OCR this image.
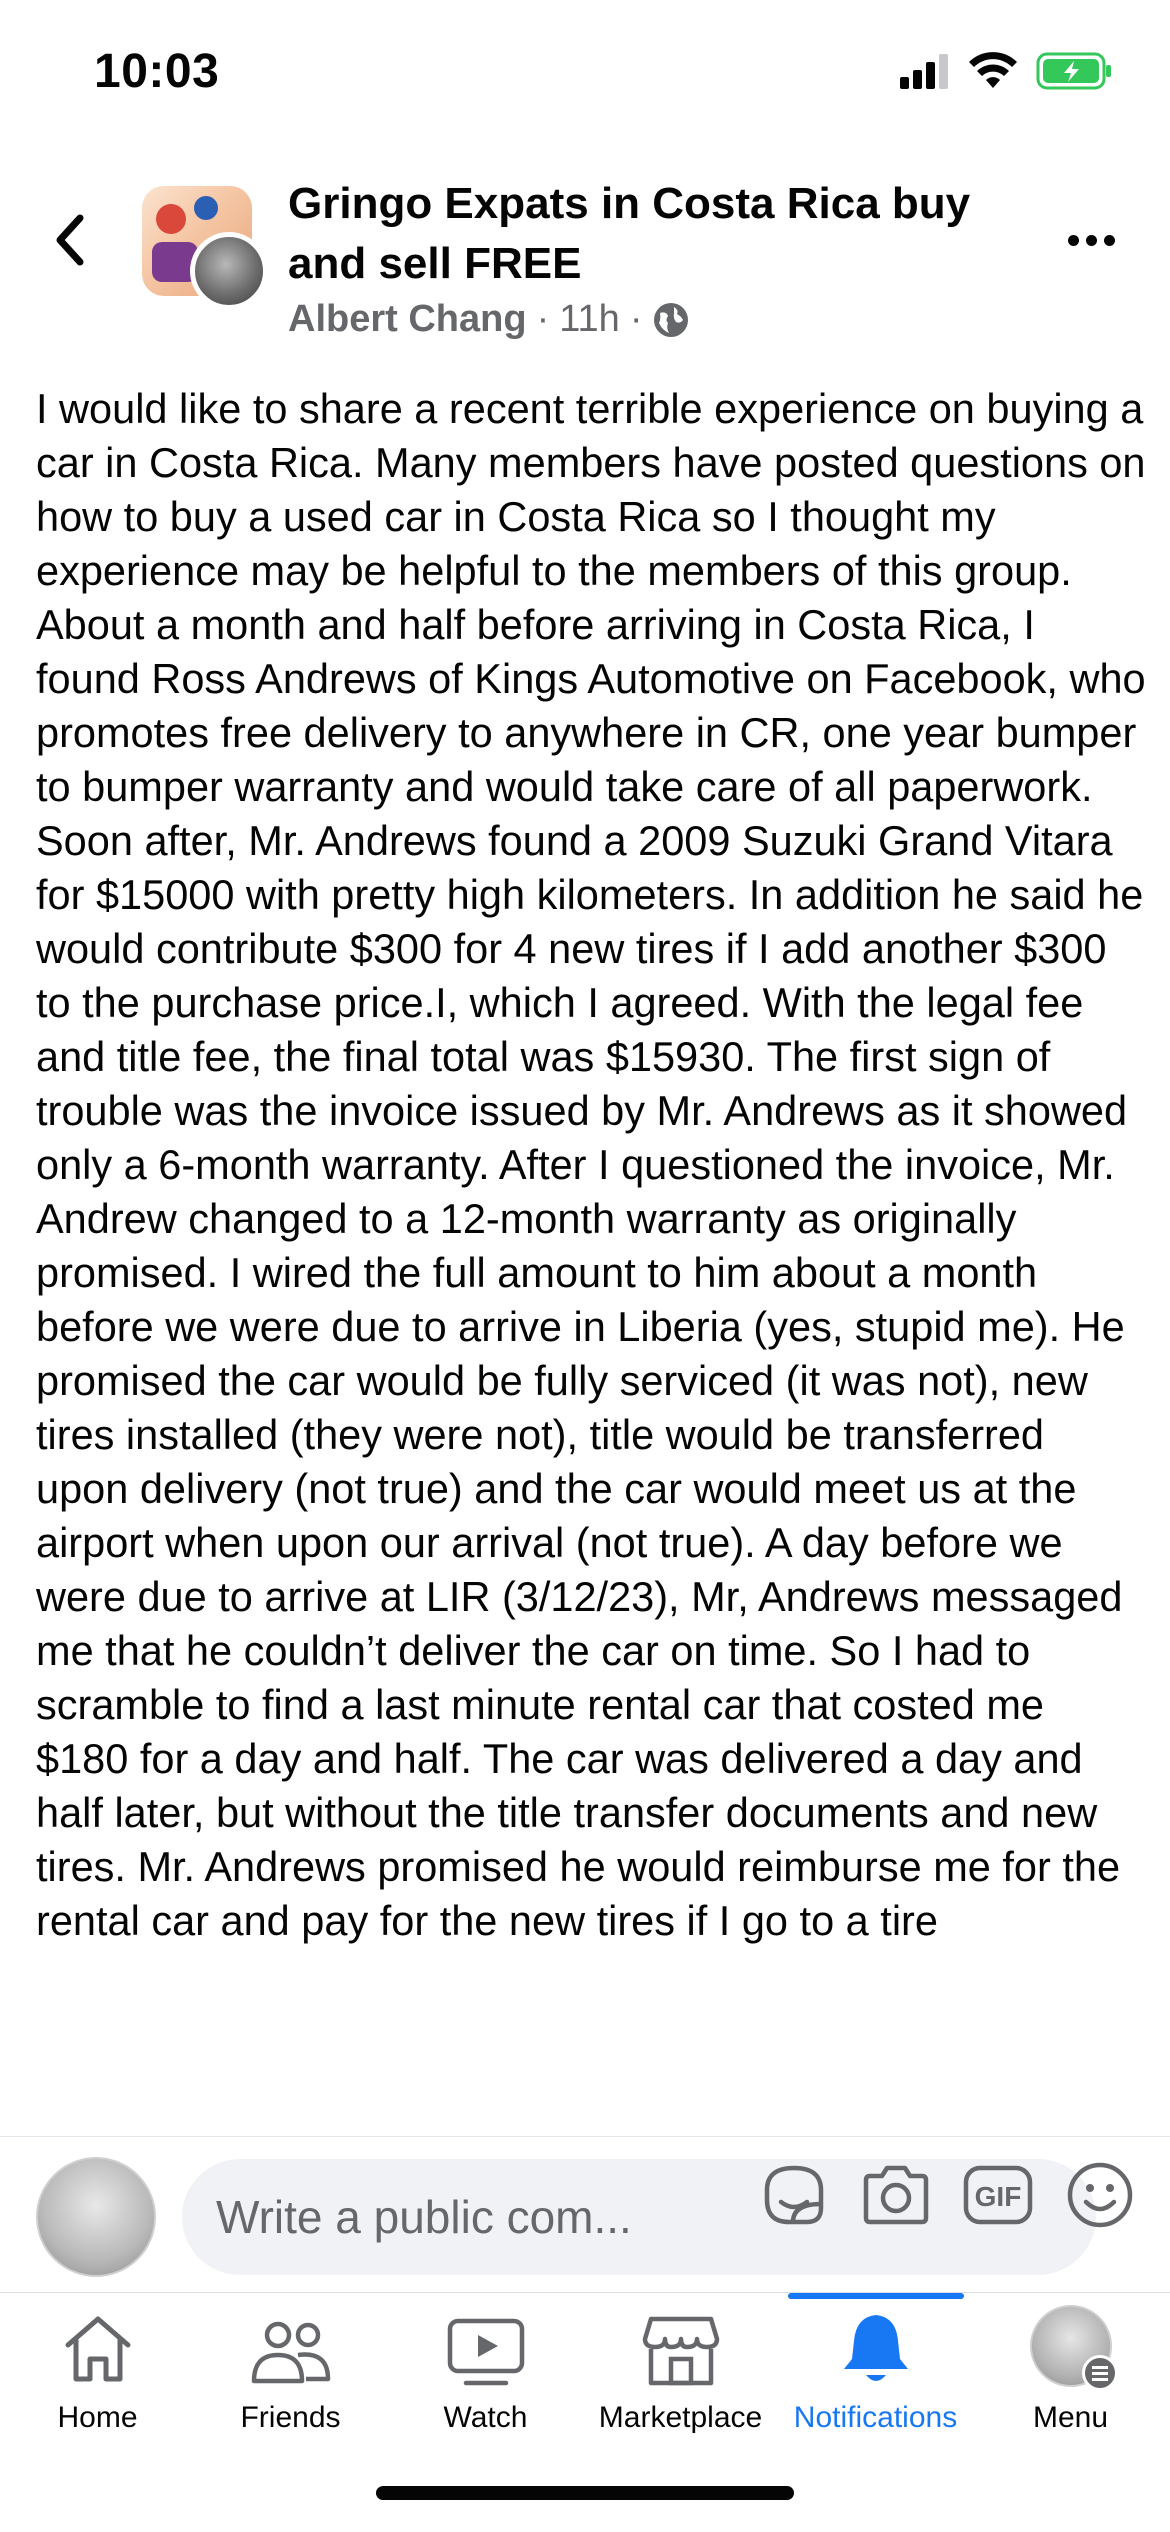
10:03
Gringo Expats in Costa Rica buy and sell FREE
Albert Chang · 11h ·
I would like to share a recent terrible experience on buying a car in Costa Rica. Many members have posted questions on how to buy a used car in Costa Rica so I thought my experience may be helpful to the members of this group. About a month and half before arriving in Costa Rica, I found Ross Andrews of Kings Automotive on Facebook, who promotes free delivery to anywhere in CR, one year bumper to bumper warranty and would take care of all paperwork. Soon after, Mr. Andrews found a 2009 Suzuki Grand Vitara for $15000 with pretty high kilometers. In addition he said he would contribute $300 for 4 new tires if I add another $300 to the purchase price.I, which I agreed. With the legal fee and title fee, the final total was $15930. The first sign of trouble was the invoice issued by Mr. Andrews as it showed only a 6-month warranty. After I questioned the invoice, Mr. Andrew changed to a 12-month warranty as originally promised. I wired the full amount to him about a month before we were due to arrive in Liberia (yes, stupid me). He promised the car would be fully serviced (it was not), new tires installed (they were not), title would be transferred upon delivery (not true) and the car would meet us at the airport when upon our arrival (not true). A day before we were due to arrive at LIR (3/12/23), Mr, Andrews messaged me that he couldn’t deliver the car on time. So I had to scramble to find a last minute rental car that costed me $180 for a day and half. The car was delivered a day and half later, but without the title transfer documents and new tires. Mr. Andrews promised he would reimburse me for the rental car and pay for the new tires if I go to a tire
Write a public com...	GIF
Home	Friends	Watch Marketplace Notifications	Menu
